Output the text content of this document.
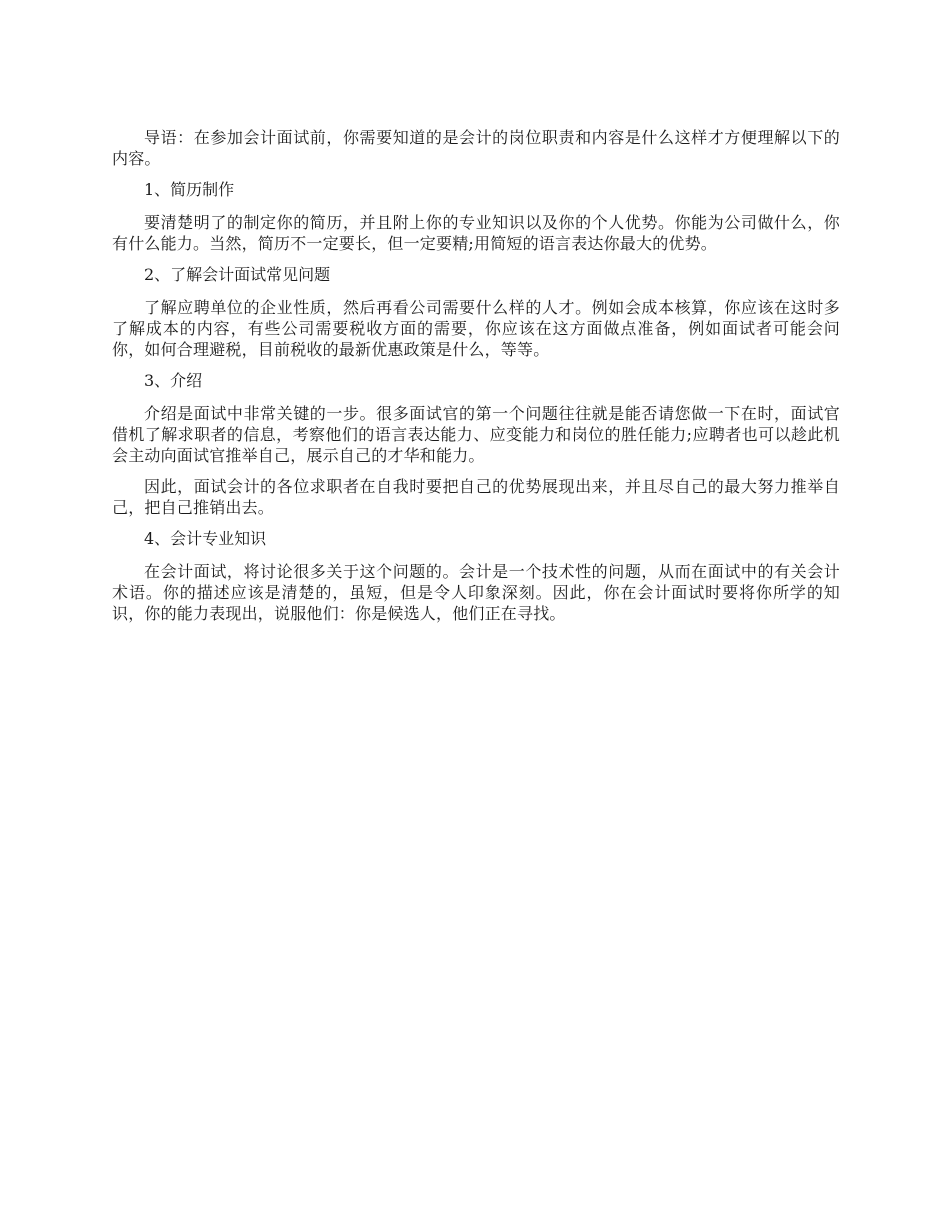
导语：在参加会计面试前，你需要知道的是会计的岗位职责和内容是什么这样才方便理解以下的内容。

1、简历制作

要清楚明了的制定你的简历，并且附上你的专业知识以及你的个人优势。你能为公司做什么，你有什么能力。当然，简历不一定要长，但一定要精;用简短的语言表达你最大的优势。

2、了解会计面试常见问题

了解应聘单位的企业性质，然后再看公司需要什么样的人才。例如会成本核算，你应该在这时多了解成本的内容，有些公司需要税收方面的需要，你应该在这方面做点准备，例如面试者可能会问你，如何合理避税，目前税收的最新优惠政策是什么，等等。

3、介绍

介绍是面试中非常关键的一步。很多面试官的第一个问题往往就是能否请您做一下在时，面试官借机了解求职者的信息，考察他们的语言表达能力、应变能力和岗位的胜任能力;应聘者也可以趁此机会主动向面试官推举自己，展示自己的才华和能力。

因此，面试会计的各位求职者在自我时要把自己的优势展现出来，并且尽自己的最大努力推举自己，把自己推销出去。

4、会计专业知识

在会计面试，将讨论很多关于这个问题的。会计是一个技术性的问题，从而在面试中的有关会计术语。你的描述应该是清楚的，虽短，但是令人印象深刻。因此，你在会计面试时要将你所学的知识，你的能力表现出，说服他们：你是候选人，他们正在寻找。
